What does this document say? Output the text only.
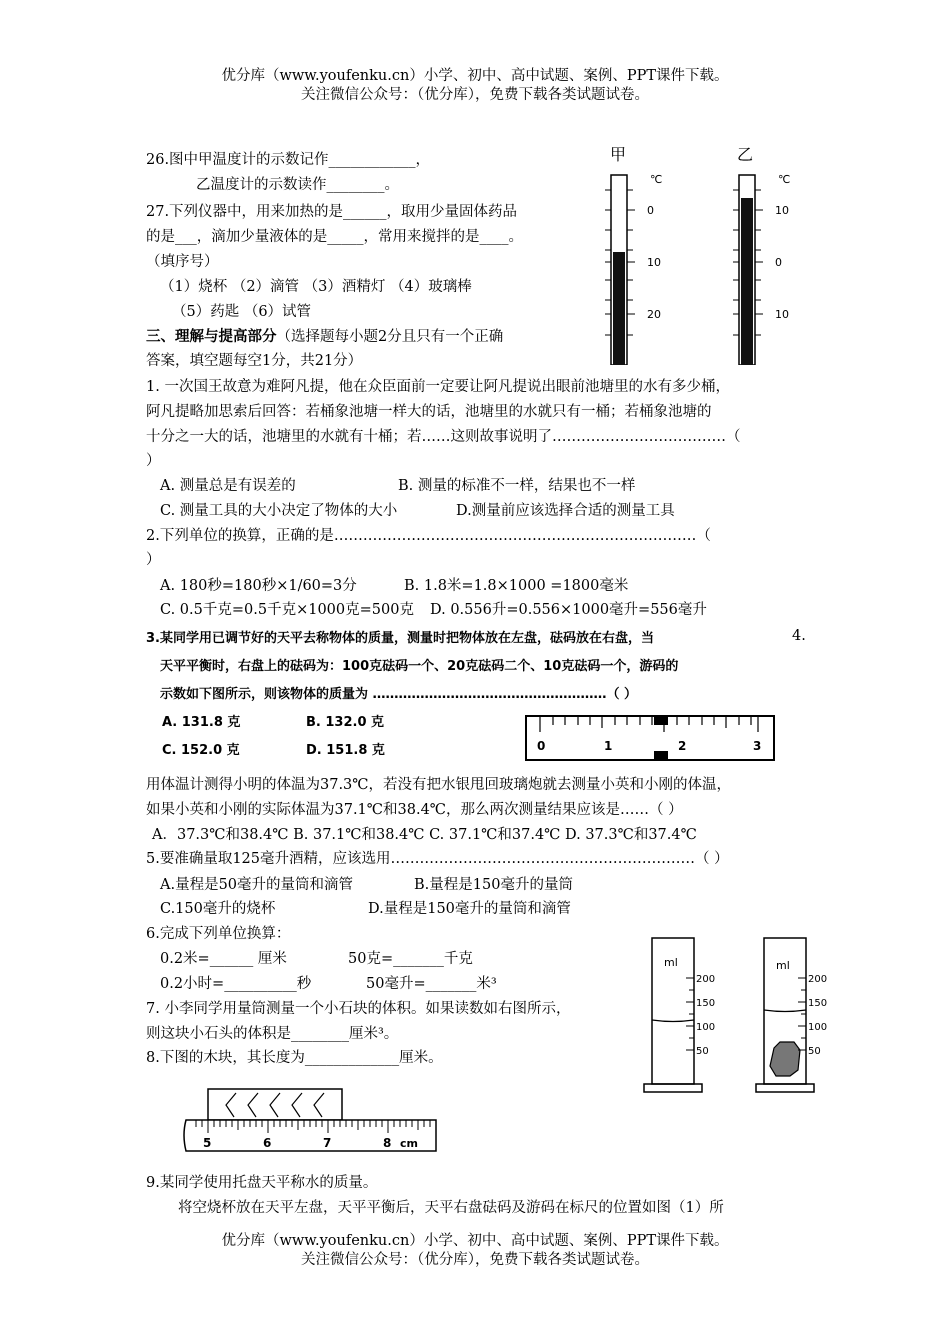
优分库（www.youfenku.cn）小学、初中、高中试题、案例、PPT课件下载。
关注微信公众号：（优分库），免费下载各类试题试卷。
甲	乙
℃
0
10
20
℃
10
0
10
26.图中甲温度计的示数记作____________，
乙温度计的示数读作________。
27.下列仪器中，用来加热的是______，取用少量固体药品
的是___，滴加少量液体的是_____，常用来搅拌的是____。
（填序号）
（1）烧杯 （2）滴管 （3）酒精灯 （4）玻璃棒
（5）药匙 （6）试管
三、理解与提高部分（选择题每小题2分且只有一个正确
答案，填空题每空1分，共21分）
1. 一次国王故意为难阿凡提，他在众臣面前一定要让阿凡提说出眼前池塘里的水有多少桶，
阿凡提略加思索后回答：若桶象池塘一样大的话，池塘里的水就只有一桶；若桶象池塘的
十分之一大的话，池塘里的水就有十桶；若……这则故事说明了………………………………（
）
A. 测量总是有误差的	B. 测量的标准不一样，结果也不一样
C. 测量工具的大小决定了物体的大小	D.测量前应该选择合适的测量工具
2.下列单位的换算，正确的是…………………………………………………………………（
）
A. 180秒=180秒×1/60=3分	B. 1.8米=1.8×1000 =1800毫米
C. 0.5千克=0.5千克×1000克=500克 D. 0.556升=0.556×1000毫升=556毫升
3.某同学用已调节好的天平去称物体的质量，测量时把物体放在左盘，砝码放在右盘，当	4.
天平平衡时，右盘上的砝码为：100克砝码一个、20克砝码二个、10克砝码一个，游码的
示数如下图所示，则该物体的质量为 ………………………………………………（ ）
A. 131.8 克	B. 132.0 克
C. 152.0 克	D. 151.8 克	0	1	2	3
用体温计测得小明的体温为37.3℃，若没有把水银甩回玻璃炮就去测量小英和小刚的体温，
如果小英和小刚的实际体温为37.1℃和38.4℃，那么两次测量结果应该是……（ ）
A．37.3℃和38.4℃ B. 37.1℃和38.4℃ C. 37.1℃和37.4℃ D. 37.3℃和37.4℃
5.要准确量取125毫升酒精，应该选用………………………………………………………（ ）
A.量程是50毫升的量筒和滴管	B.量程是150毫升的量筒
C.150毫升的烧杯	D.量程是150毫升的量筒和滴管
6.完成下列单位换算：
0.2米=______ 厘米	50克=_______千克
0.2小时=__________秒	50毫升=_______米³
7. 小李同学用量筒测量一个小石块的体积。如果读数如右图所示，
则这块小石头的体积是________厘米³。
ml
200
150
100
50
ml
200
150
100
50
8.下图的木块，其长度为_____________厘米。
5	6	7	8 cm
9.某同学使用托盘天平称水的质量。
将空烧杯放在天平左盘，天平平衡后，天平右盘砝码及游码在标尺的位置如图（1）所
优分库（www.youfenku.cn）小学、初中、高中试题、案例、PPT课件下载。
关注微信公众号：（优分库），免费下载各类试题试卷。
